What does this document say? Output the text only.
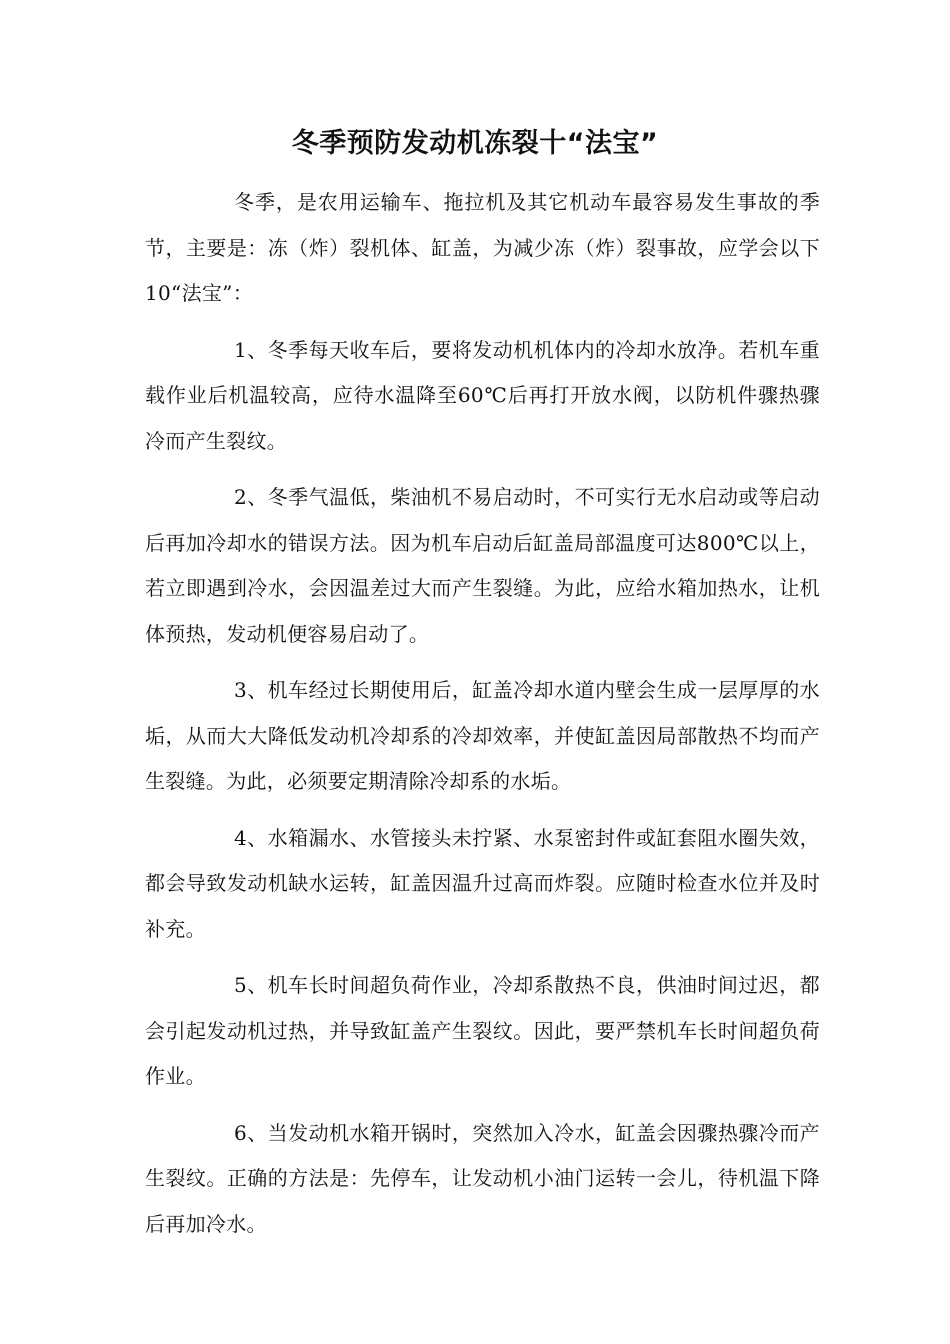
冬季预防发动机冻裂十“法宝”

冬季，是农用运输车、拖拉机及其它机动车最容易发生事故的季节，主要是：冻（炸）裂机体、缸盖，为减少冻（炸）裂事故，应学会以下10“法宝”：

1、冬季每天收车后，要将发动机机体内的冷却水放净。若机车重载作业后机温较高，应待水温降至60℃后再打开放水阀，以防机件骤热骤冷而产生裂纹。

2、冬季气温低，柴油机不易启动时，不可实行无水启动或等启动后再加冷却水的错误方法。因为机车启动后缸盖局部温度可达800℃以上，若立即遇到冷水，会因温差过大而产生裂缝。为此，应给水箱加热水，让机体预热，发动机便容易启动了。

3、机车经过长期使用后，缸盖冷却水道内壁会生成一层厚厚的水垢，从而大大降低发动机冷却系的冷却效率，并使缸盖因局部散热不均而产生裂缝。为此，必须要定期清除冷却系的水垢。

4、水箱漏水、水管接头未拧紧、水泵密封件或缸套阻水圈失效，都会导致发动机缺水运转，缸盖因温升过高而炸裂。应随时检查水位并及时补充。

5、机车长时间超负荷作业，冷却系散热不良，供油时间过迟，都会引起发动机过热，并导致缸盖产生裂纹。因此，要严禁机车长时间超负荷作业。

6、当发动机水箱开锅时，突然加入冷水，缸盖会因骤热骤冷而产生裂纹。正确的方法是：先停车，让发动机小油门运转一会儿，待机温下降后再加冷水。
